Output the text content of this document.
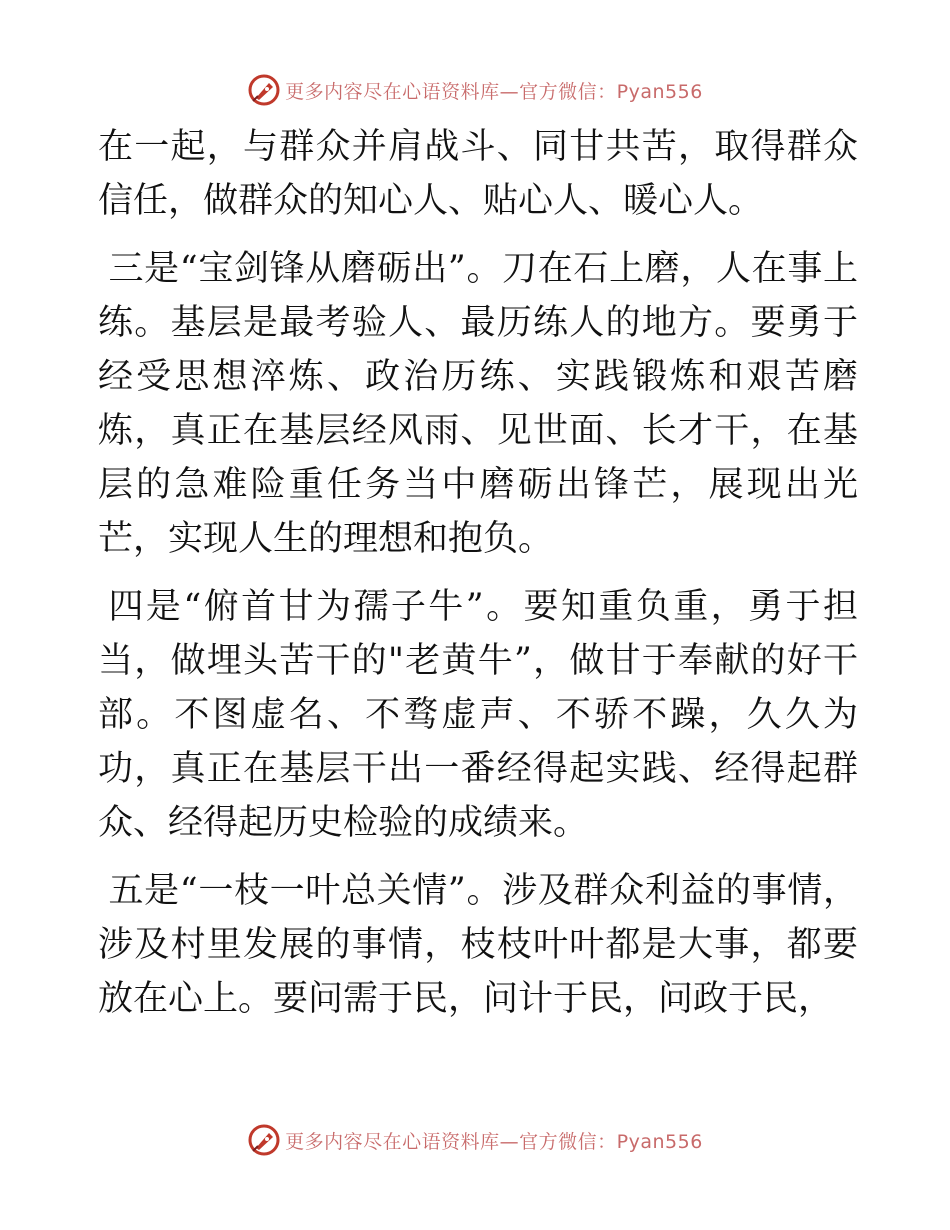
更多内容尽在心语资料库—官方微信：Pyan556

在一起，与群众并肩战斗、同甘共苦，取得群众信任，做群众的知心人、贴心人、暖心人。

三是“宝剑锋从磨砺出”。刀在石上磨，人在事上练。基层是最考验人、最历练人的地方。要勇于经受思想淬炼、政治历练、实践锻炼和艰苦磨炼，真正在基层经风雨、见世面、长才干，在基层的急难险重任务当中磨砺出锋芒，展现出光芒，实现人生的理想和抱负。

四是“俯首甘为孺子牛”。要知重负重，勇于担当，做埋头苦干的"老黄牛”，做甘于奉献的好干部。不图虚名、不骛虚声、不骄不躁，久久为功，真正在基层干出一番经得起实践、经得起群众、经得起历史检验的成绩来。

五是“一枝一叶总关情”。涉及群众利益的事情，涉及村里发展的事情，枝枝叶叶都是大事，都要放在心上。要问需于民，问计于民，问政于民，

更多内容尽在心语资料库—官方微信：Pyan556
